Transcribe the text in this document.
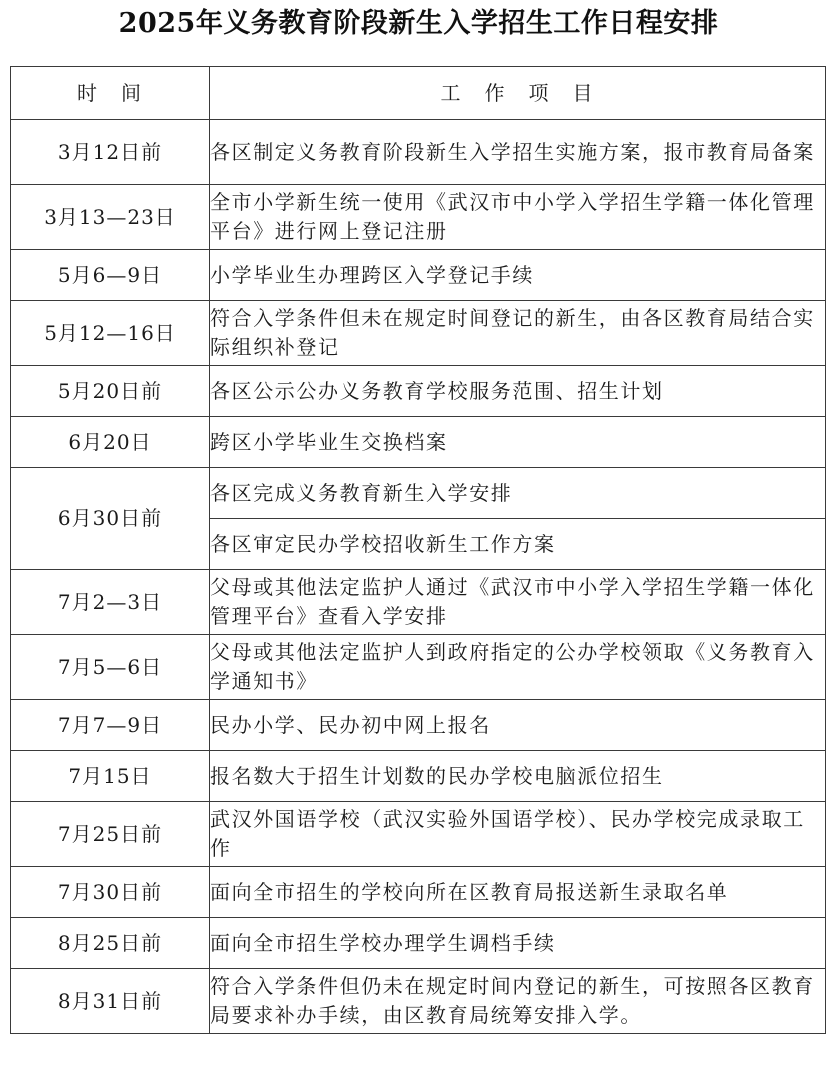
2025年义务教育阶段新生入学招生工作日程安排
时　间	工　作　项　目
3月12日前	各区制定义务教育阶段新生入学招生实施方案，报市教育局备案
3月13—23日	全市小学新生统一使用《武汉市中小学入学招生学籍一体化管理平台》进行网上登记注册
5月6—9日	小学毕业生办理跨区入学登记手续
5月12—16日	符合入学条件但未在规定时间登记的新生，由各区教育局结合实际组织补登记
5月20日前	各区公示公办义务教育学校服务范围、招生计划
6月20日	跨区小学毕业生交换档案
6月30日前	各区完成义务教育新生入学安排
	各区审定民办学校招收新生工作方案
7月2—3日	父母或其他法定监护人通过《武汉市中小学入学招生学籍一体化管理平台》查看入学安排
7月5—6日	父母或其他法定监护人到政府指定的公办学校领取《义务教育入学通知书》
7月7—9日	民办小学、民办初中网上报名
7月15日	报名数大于招生计划数的民办学校电脑派位招生
7月25日前	武汉外国语学校（武汉实验外国语学校）、民办学校完成录取工作
7月30日前	面向全市招生的学校向所在区教育局报送新生录取名单
8月25日前	面向全市招生学校办理学生调档手续
8月31日前	符合入学条件但仍未在规定时间内登记的新生，可按照各区教育局要求补办手续，由区教育局统筹安排入学。
